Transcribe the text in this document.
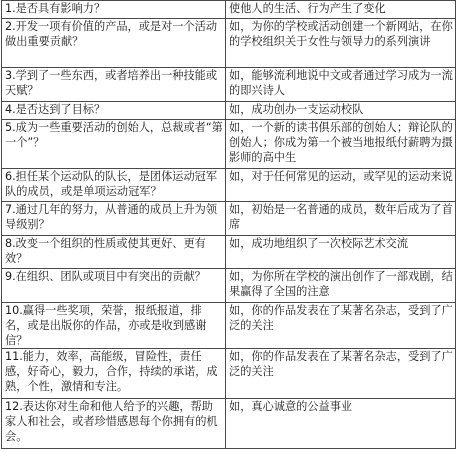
1.是否具有影响力？	使他人的生活、行为产生了变化
2.开发一项有价值的产品，或是对一个活动做出重要贡献？	如，为你的学校或活动创建一个新网站，在你的学校组织关于女性与领导力的系列演讲
3.学到了一些东西，或者培养出一种技能或天赋？	如，能够流利地说中文或者通过学习成为一流的即兴诗人
4.是否达到了目标？	如，成功创办一支运动校队
5.成为一些重要活动的创始人，总裁或者“第一个”？	如，一个新的读书俱乐部的创始人；辩论队的创始人；你成为第一个被当地报纸付薪聘为摄影师的高中生
6.担任某个运动队的队长，是团体运动冠军队的成员，或是单项运动冠军？	如，对于任何常见的运动，或罕见的运动来说
7.通过几年的努力，从普通的成员上升为领导级别？	如，初始是一名普通的成员，数年后成为了首席
8.改变一个组织的性质或使其更好、更有效？	如，成功地组织了一次校际艺术交流
9.在组织、团队或项目中有突出的贡献？	如，为你所在学校的演出创作了一部戏剧，结果赢得了全国的注意
10.赢得一些奖项，荣誉，报纸报道，排名，或是出版你的作品，亦或是收到感谢信？	如，你的作品发表在了某著名杂志，受到了广泛的关注
11.能力，效率，高能级，冒险性，责任感，好奇心，毅力，合作，持续的承诺，成熟，个性，激情和专注。	如，你的作品发表在了某著名杂志，受到了广泛的关注
12.表达你对生命和他人给予的兴趣，帮助家人和社会，或者珍惜感恩每个你拥有的机会。	如，真心诚意的公益事业
